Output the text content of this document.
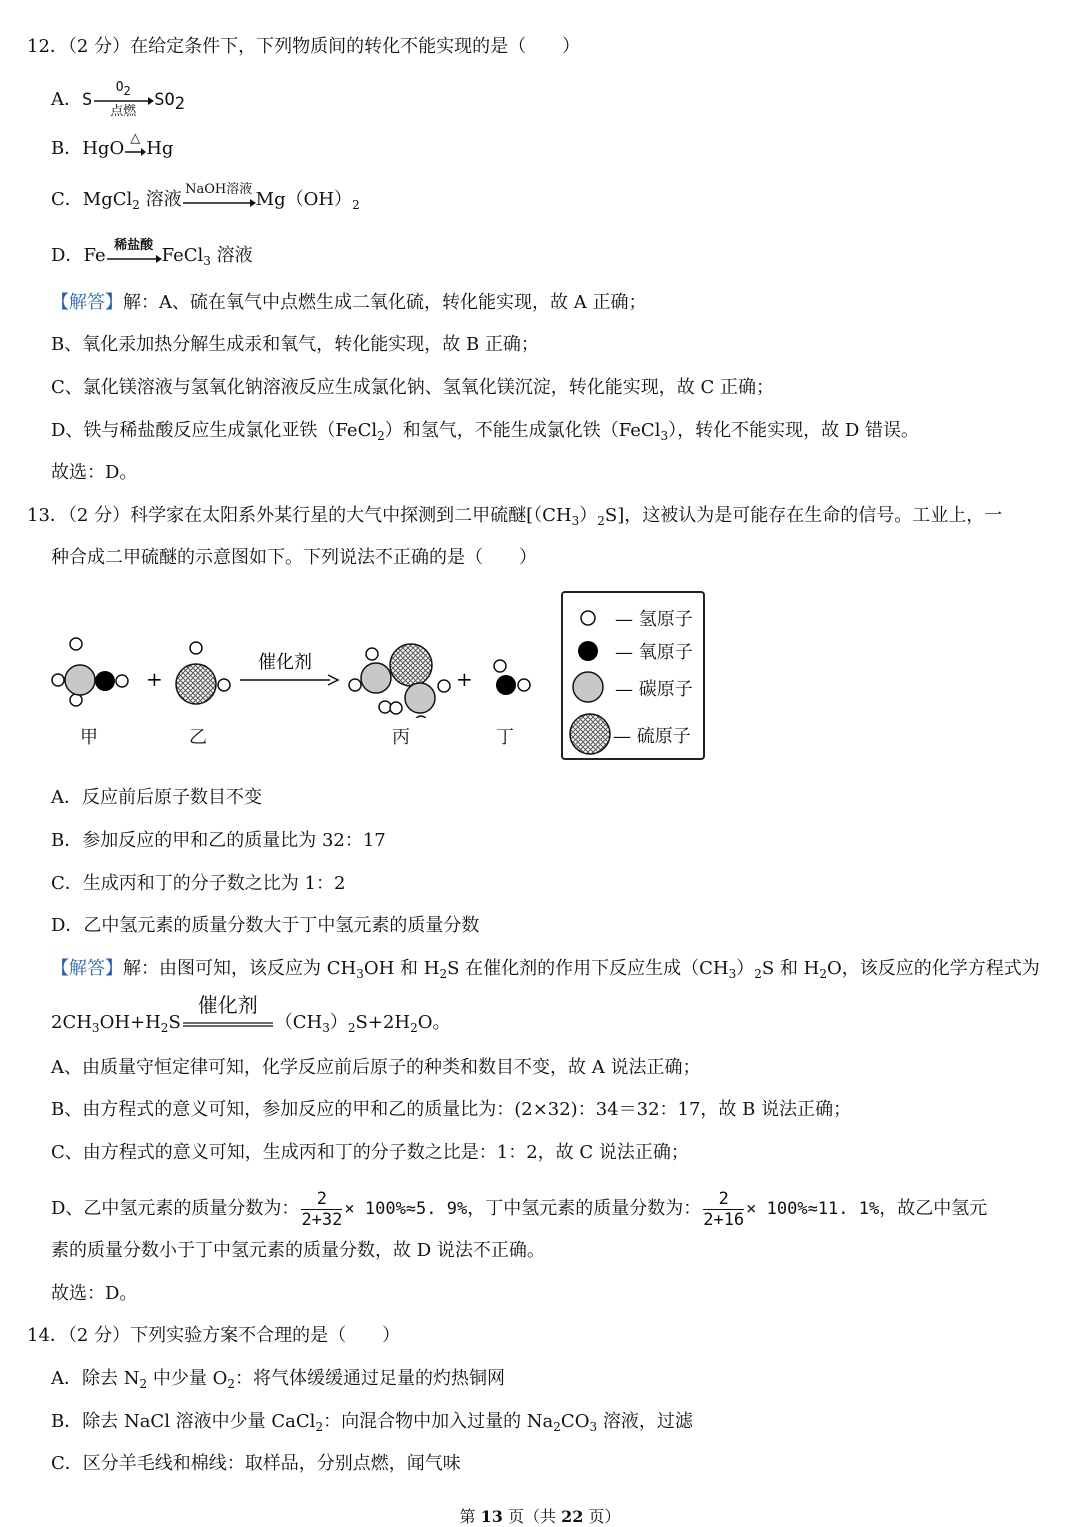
12．（2 分）在给定条件下，下列物质间的转化不能实现的是（　　）
A．S
$O_2$
点燃
$SO_2$
B．HgO △ Hg
C．MgCl$_2$ 溶液 NaOH溶液 $Mg(OH)_2$
D．Fe 稀盐酸 FeCl$_3$ 溶液
【解答】解：A、硫在氧气中点燃生成二氧化硫，转化能实现，故 A 正确；
B、氧化汞加热分解生成汞和氧气，转化能实现，故 B 正确；
C、氯化镁溶液与氢氧化钠溶液反应生成氯化钠、氢氧化镁沉淀，转化能实现，故 C 正确；
D、铁与稀盐酸反应生成氯化亚铁（FeCl$_2$）和氢气，不能生成氯化铁（FeCl$_3$），转化不能实现，故 D 错误。
故选：D。
13．（2 分）科学家在太阳系外某行星的大气中探测到二甲硫醚$[(CH_3)_2S]$，这被认为是可能存在生命的信号。工业上，一
种合成二甲硫醚的示意图如下。下列说法不正确的是（　　）
+
催化剂
+
甲	乙	丙	丁
— 氢原子
— 氧原子
— 碳原子
— 硫原子
A．反应前后原子数目不变
B．参加反应的甲和乙的质量比为 32：17
C．生成丙和丁的分子数之比为 1：2
D．乙中氢元素的质量分数大于丁中氢元素的质量分数
【解答】解：由图可知，该反应为 $CH_3OH$ 和 $H_2S$ 在催化剂的作用下反应生成$(CH_3)_2S$ 和 $H_2O$，该反应的化学方程式为
$2CH_3OH+H_2S$
催化剂
$(CH_3)_2S+2H_2O$。
A、由质量守恒定律可知，化学反应前后原子的种类和数目不变，故 A 说法正确；
B、由方程式的意义可知，参加反应的甲和乙的质量比为：(2×32)：34＝32：17，故 B 说法正确；
C、由方程式的意义可知，生成丙和丁的分子数之比是：1：2，故 C 说法正确；
D、乙中氢元素的质量分数为： $\frac{2}{2+32} \times 100\%\approx 5$. 9%，丁中氢元素的质量分数为： $\frac{2}{2+16} \times 100\%\approx 11$. 1%，故乙中氢元
素的质量分数小于丁中氢元素的质量分数，故 D 说法不正确。
故选：D。
14．（2 分）下列实验方案不合理的是（　　）
A．除去 $N_2$ 中少量 $O_2$：将气体缓缓通过足量的灼热铜网
B．除去 NaCl 溶液中少量 CaCl$_2$：向混合物中加入过量的 $Na_2CO_3$ 溶液，过滤
C．区分羊毛线和棉线：取样品，分别点燃，闻气味
第 13 页（共 22 页）
